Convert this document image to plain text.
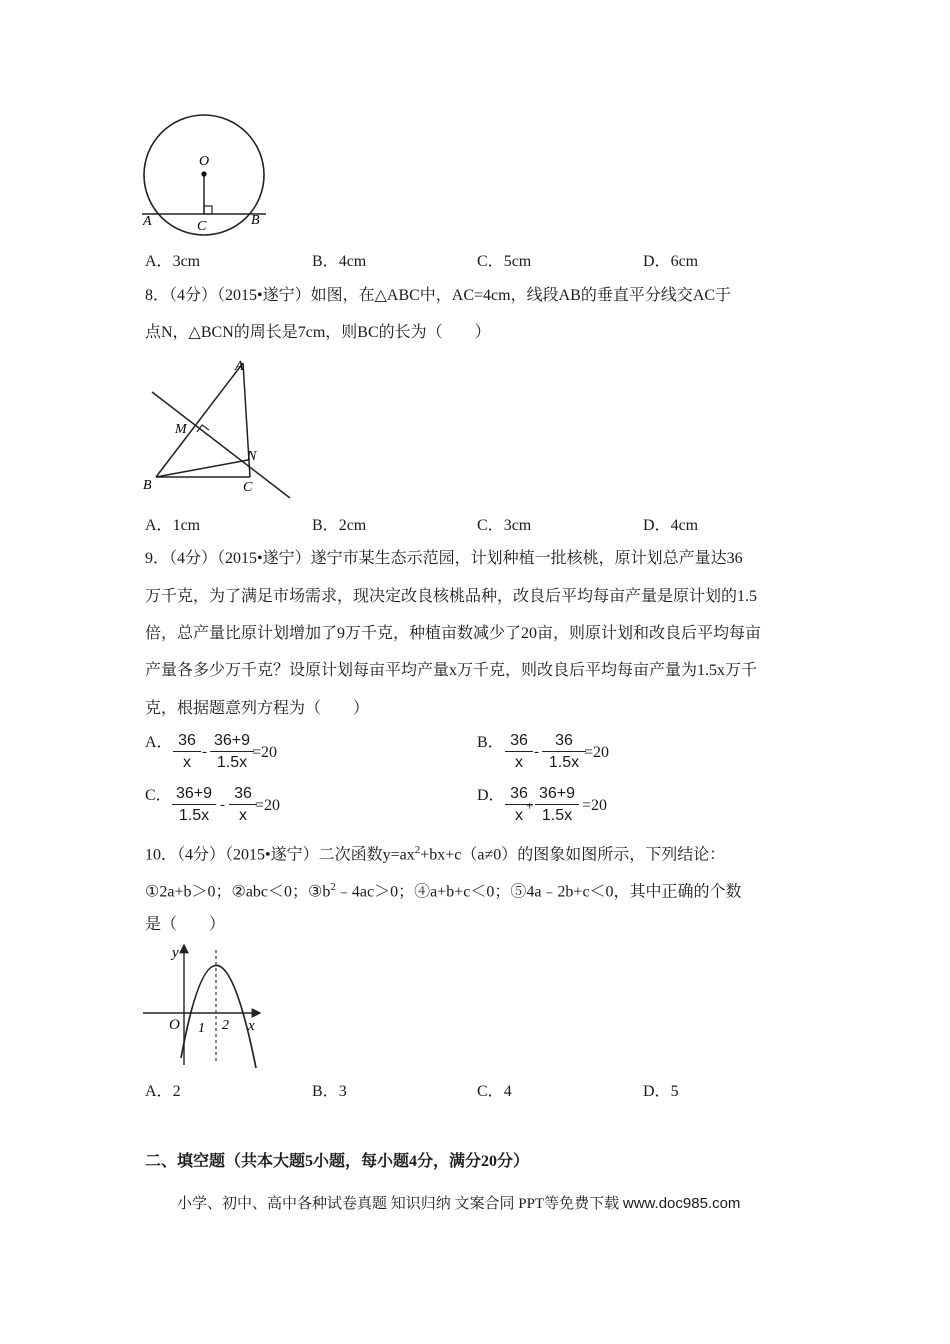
O
A	B
C
A．3cm	B．4cm	C．5cm	D．6cm
8．（4分）（2015•遂宁）如图，在△ABC中，AC=4cm，线段AB的垂直平分线交AC于
点N，△BCN的周长是7cm，则BC的长为（　　）
A
M
N
B	C
A．1cm	B．2cm	C．3cm	D．4cm
9．（4分）（2015•遂宁）遂宁市某生态示范园，计划种植一批核桃，原计划总产量达36
万千克，为了满足市场需求，现决定改良核桃品种，改良后平均每亩产量是原计划的1.5
倍，总产量比原计划增加了9万千克，种植亩数减少了20亩，则原计划和改良后平均每亩
产量各多少万千克？设原计划每亩平均产量x万千克，则改良后平均每亩产量为1.5x万千
克，根据题意列方程为（　　）
A． 36
x
-
36+9
1.5x
=20
B． 36
x
-
36
1.5x
=20
C． 36+9
1.5x
-
36
x
=20
D． 36
x
+
36+9
1.5x
=20
10．（4分）（2015•遂宁）二次函数$y=ax^2+bx+c(a\ne 0)$的图象如图所示，下列结论：
①2a+b＞0；②abc＜0；$③b^2﹣4ac>0$；④a+b+c＜0；⑤4a﹣2b+c＜0，其中正确的个数
是（　　）
y
x
O 1 2
A．2	B．3	C．4	D．5
二、填空题（共本大题5小题，每小题4分，满分20分）
小学、初中、高中各种试卷真题 知识归纳 文案合同 PPT等免费下载 www.doc985.com
